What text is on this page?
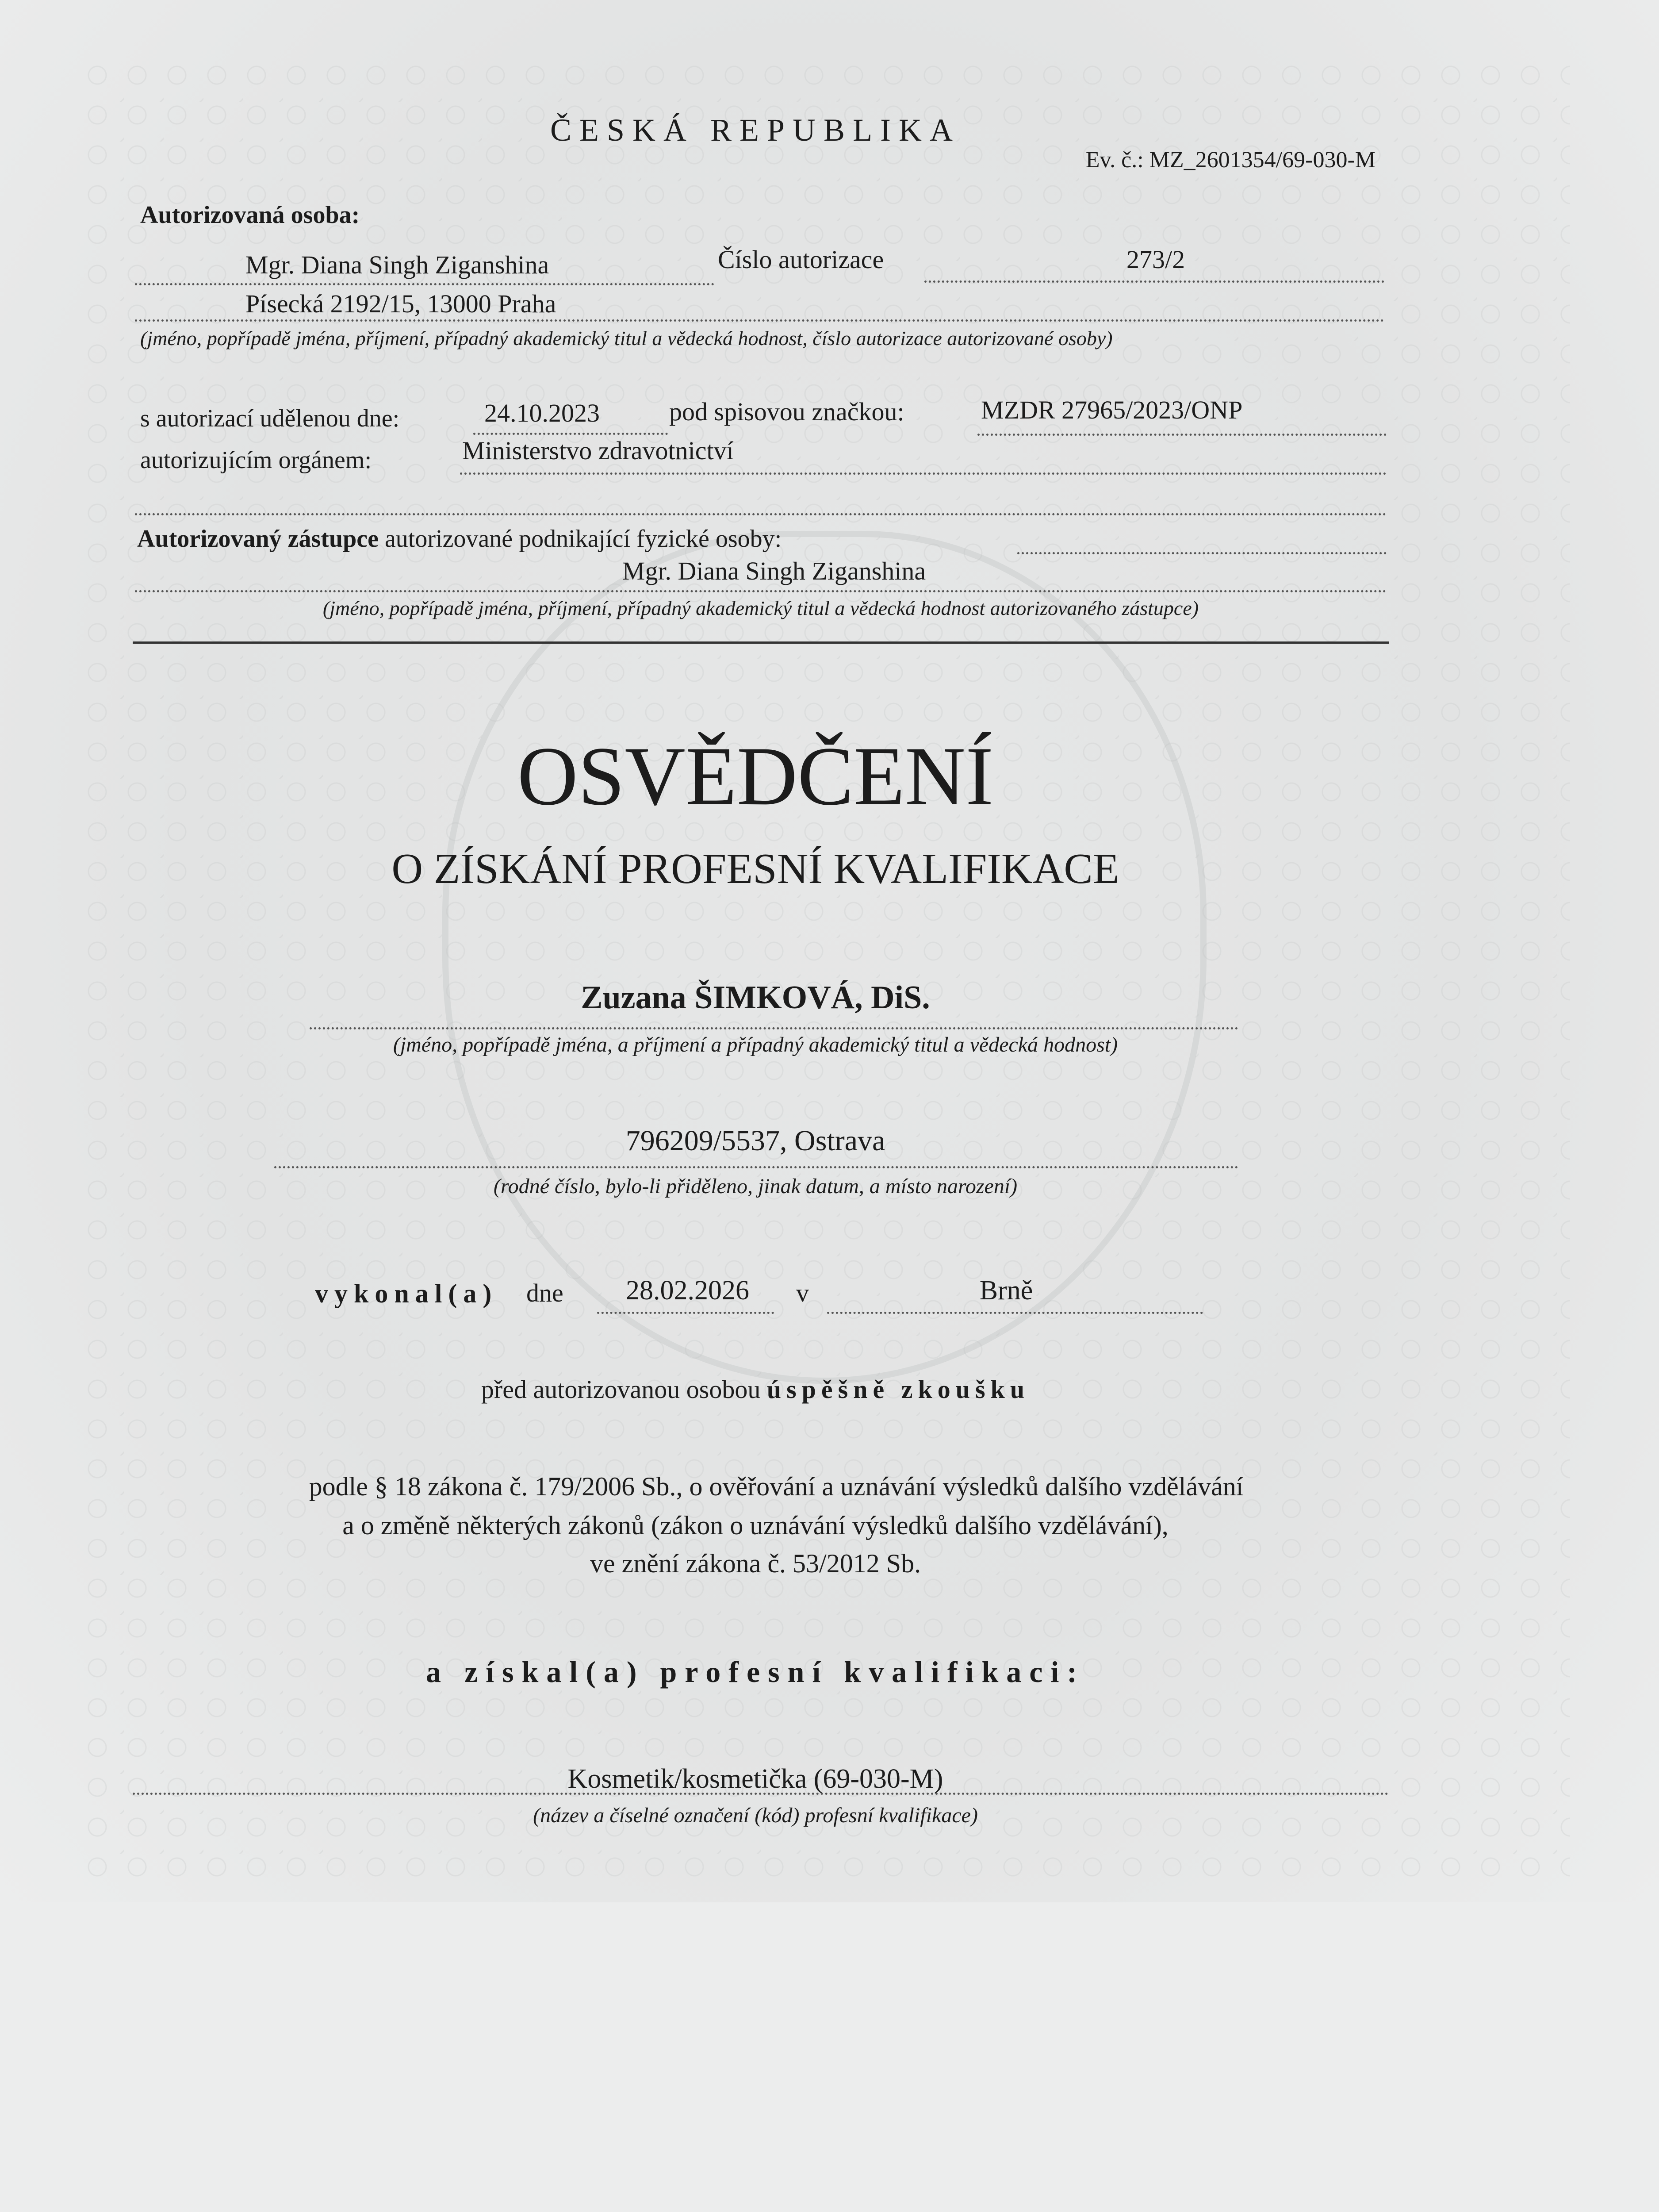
ČESKÁ REPUBLIKA
Ev. č.: MZ_2601354/69-030-M
Autorizovaná osoba:
Mgr. Diana Singh Ziganshina	Číslo autorizace	273/2
Písecká 2192/15, 13000 Praha
(jméno, popřípadě jména, příjmení, případný akademický titul a vědecká hodnost, číslo autorizace autorizované osoby)
s autorizací udělenou dne:	24.10.2023	pod spisovou značkou:	MZDR 27965/2023/ONP
autorizujícím orgánem:	Ministerstvo zdravotnictví
Autorizovaný zástupce autorizované podnikající fyzické osoby:
Mgr. Diana Singh Ziganshina
(jméno, popřípadě jména, příjmení, případný akademický titul a vědecká hodnost autorizovaného zástupce)
OSVĚDČENÍ
O ZÍSKÁNÍ PROFESNÍ KVALIFIKACE
Zuzana ŠIMKOVÁ, DiS.
(jméno, popřípadě jména, a příjmení a případný akademický titul a vědecká hodnost)
796209/5537, Ostrava
(rodné číslo, bylo-li přiděleno, jinak datum, a místo narození)
vykonal(a) dne 28.02.2026 v	Brně
před autorizovanou osobou úspěšně zkoušku
podle § 18 zákona č. 179/2006 Sb., o ověřování a uznávání výsledků dalšího vzdělávání
a o změně některých zákonů (zákon o uznávání výsledků dalšího vzdělávání),
ve znění zákona č. 53/2012 Sb.
a získal(a) profesní kvalifikaci:
Kosmetik/kosmetička (69-030-M)
(název a číselné označení (kód) profesní kvalifikace)
